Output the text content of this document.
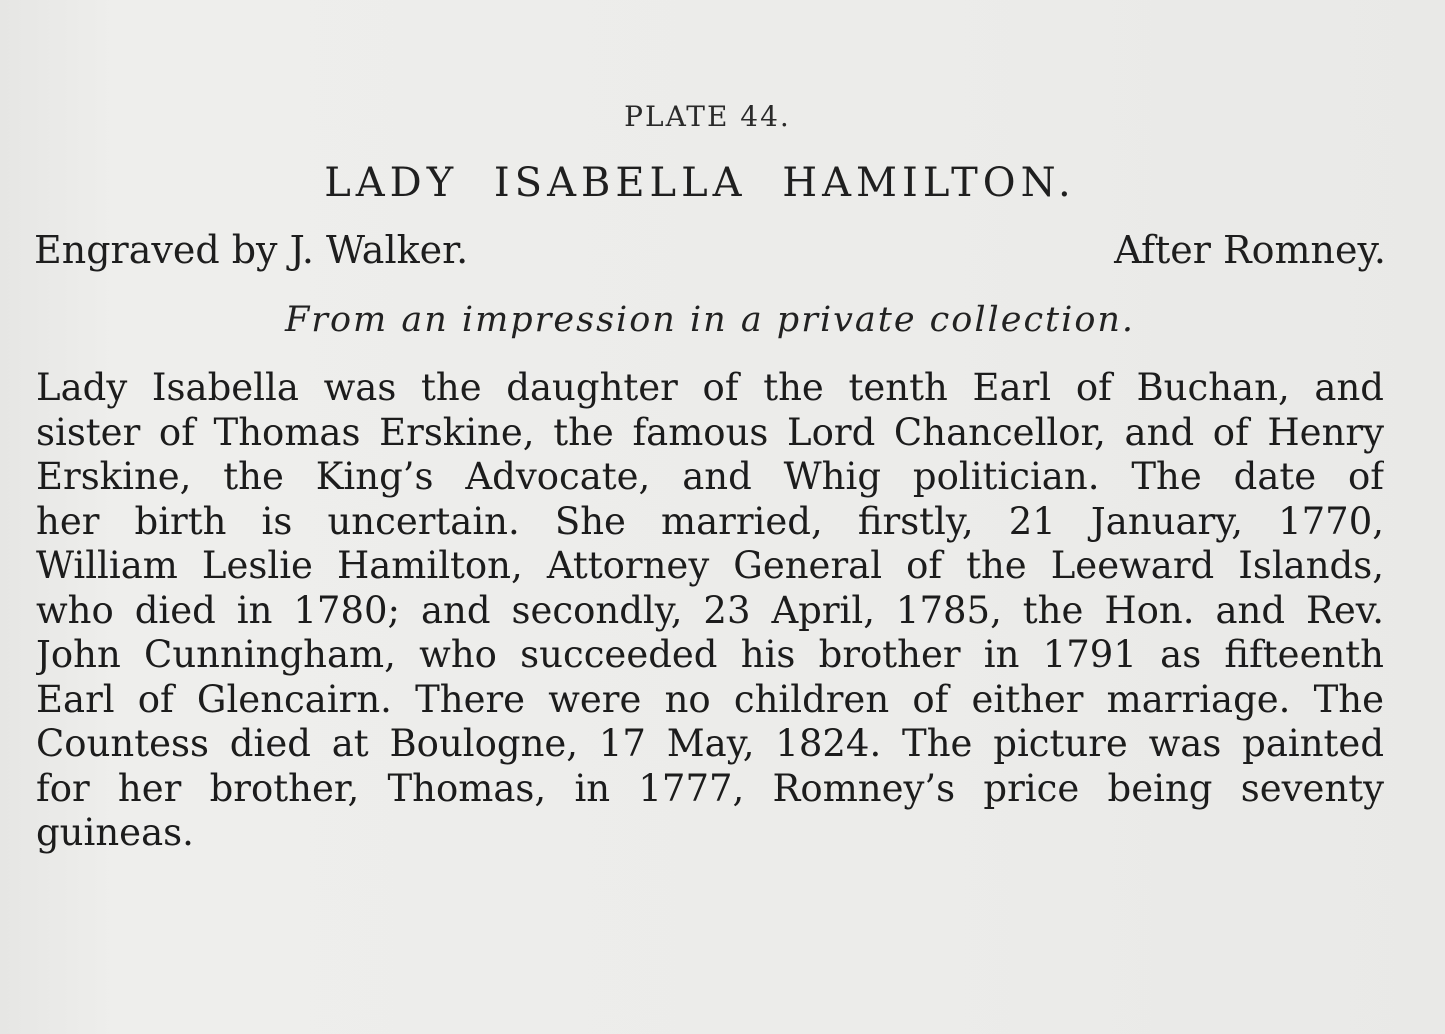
PLATE 44.
LADY ISABELLA HAMILTON.
Engraved by J. Walker.	After Romney.
From an impression in a private collection.
Lady Isabella was the daughter of the tenth Earl of Buchan, and
sister of Thomas Erskine, the famous Lord Chancellor, and of Henry
Erskine, the King’s Advocate, and Whig politician. The date of
her birth is uncertain. She married, firstly, 21 January, 1770,
William Leslie Hamilton, Attorney General of the Leeward Islands,
who died in 1780; and secondly, 23 April, 1785, the Hon. and Rev.
John Cunningham, who succeeded his brother in 1791 as fifteenth
Earl of Glencairn. There were no children of either marriage. The
Countess died at Boulogne, 17 May, 1824. The picture was painted
for her brother, Thomas, in 1777, Romney’s price being seventy
guineas.
